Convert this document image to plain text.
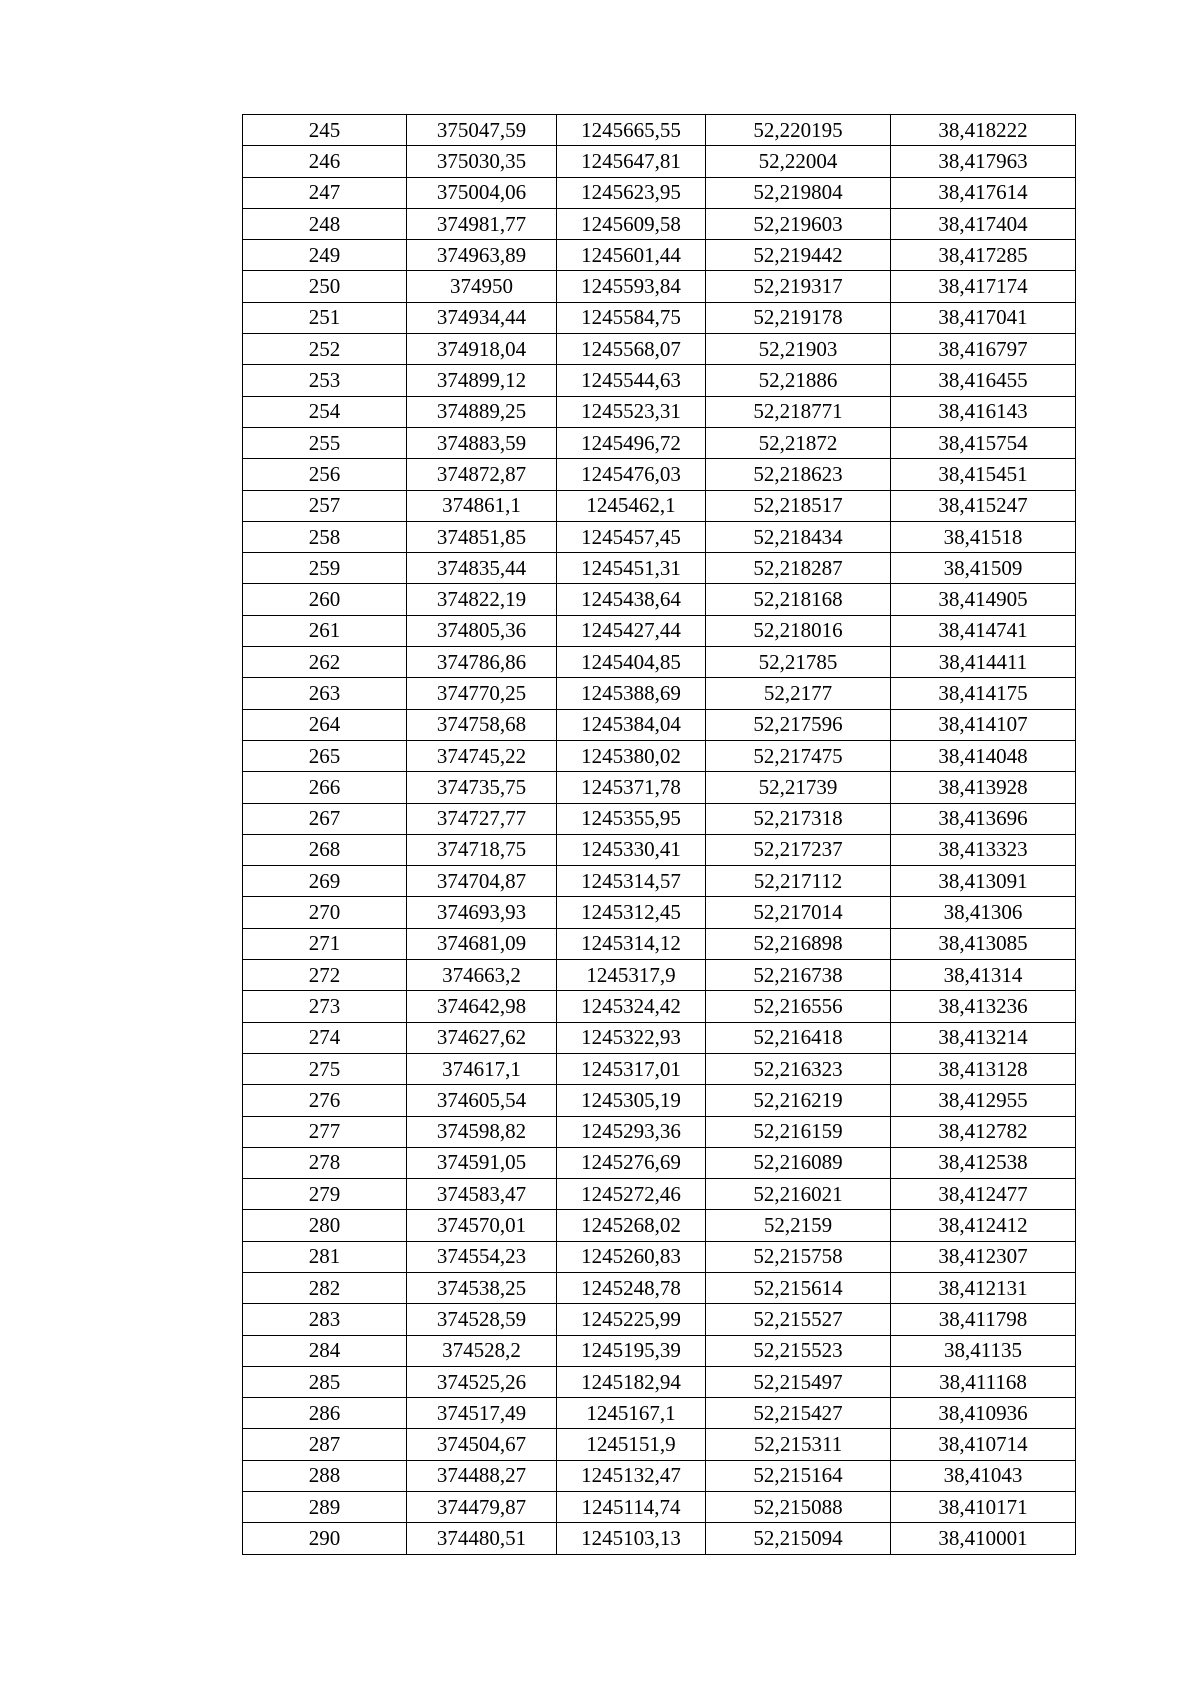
245	375047,59	1245665,55	52,220195	38,418222
246	375030,35	1245647,81	52,22004	38,417963
247	375004,06	1245623,95	52,219804	38,417614
248	374981,77	1245609,58	52,219603	38,417404
249	374963,89	1245601,44	52,219442	38,417285
250	374950	1245593,84	52,219317	38,417174
251	374934,44	1245584,75	52,219178	38,417041
252	374918,04	1245568,07	52,21903	38,416797
253	374899,12	1245544,63	52,21886	38,416455
254	374889,25	1245523,31	52,218771	38,416143
255	374883,59	1245496,72	52,21872	38,415754
256	374872,87	1245476,03	52,218623	38,415451
257	374861,1	1245462,1	52,218517	38,415247
258	374851,85	1245457,45	52,218434	38,41518
259	374835,44	1245451,31	52,218287	38,41509
260	374822,19	1245438,64	52,218168	38,414905
261	374805,36	1245427,44	52,218016	38,414741
262	374786,86	1245404,85	52,21785	38,414411
263	374770,25	1245388,69	52,2177	38,414175
264	374758,68	1245384,04	52,217596	38,414107
265	374745,22	1245380,02	52,217475	38,414048
266	374735,75	1245371,78	52,21739	38,413928
267	374727,77	1245355,95	52,217318	38,413696
268	374718,75	1245330,41	52,217237	38,413323
269	374704,87	1245314,57	52,217112	38,413091
270	374693,93	1245312,45	52,217014	38,41306
271	374681,09	1245314,12	52,216898	38,413085
272	374663,2	1245317,9	52,216738	38,41314
273	374642,98	1245324,42	52,216556	38,413236
274	374627,62	1245322,93	52,216418	38,413214
275	374617,1	1245317,01	52,216323	38,413128
276	374605,54	1245305,19	52,216219	38,412955
277	374598,82	1245293,36	52,216159	38,412782
278	374591,05	1245276,69	52,216089	38,412538
279	374583,47	1245272,46	52,216021	38,412477
280	374570,01	1245268,02	52,2159	38,412412
281	374554,23	1245260,83	52,215758	38,412307
282	374538,25	1245248,78	52,215614	38,412131
283	374528,59	1245225,99	52,215527	38,411798
284	374528,2	1245195,39	52,215523	38,41135
285	374525,26	1245182,94	52,215497	38,411168
286	374517,49	1245167,1	52,215427	38,410936
287	374504,67	1245151,9	52,215311	38,410714
288	374488,27	1245132,47	52,215164	38,41043
289	374479,87	1245114,74	52,215088	38,410171
290	374480,51	1245103,13	52,215094	38,410001
